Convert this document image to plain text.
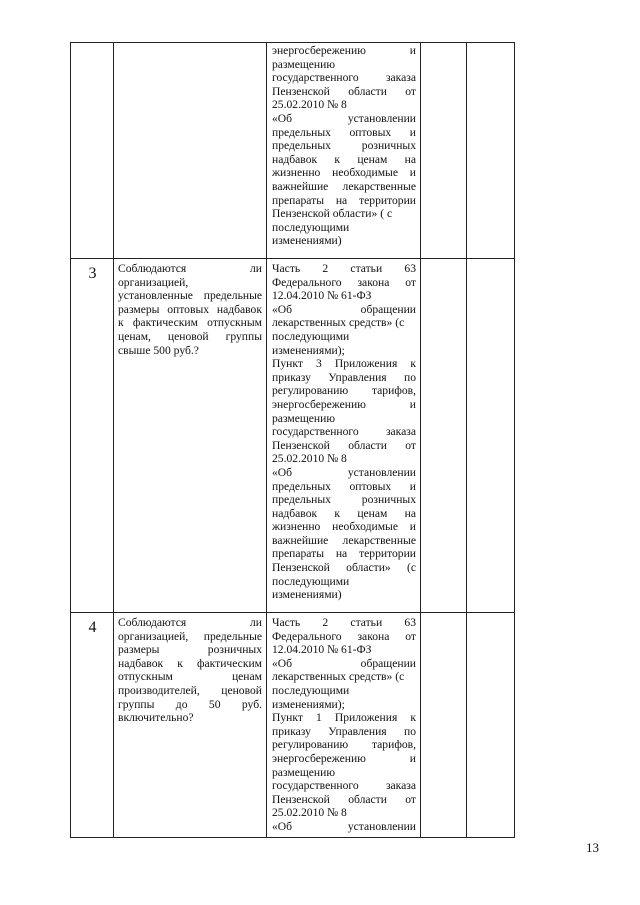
энергосбережению и
размещению
государственного заказа
Пензенской области от
25.02.2010 № 8
«Об установлении
предельных оптовых и
предельных розничных
надбавок к ценам на
жизненно необходимые и
важнейшие лекарственные
препараты на территории
Пензенской области» ( с
последующими
изменениями)
3	Соблюдаются ли
организацией,
установленные предельные
размеры оптовых надбавок
к фактическим отпускным
ценам, ценовой группы
свыше 500 руб.?
Часть 2 статьи 63
Федерального закона от
12.04.2010 № 61-ФЗ
«Об обращении
лекарственных средств» (с
последующими
изменениями);
Пункт 3 Приложения к
приказу Управления по
регулированию тарифов,
энергосбережению и
размещению
государственного заказа
Пензенской области от
25.02.2010 № 8
«Об установлении
предельных оптовых и
предельных розничных
надбавок к ценам на
жизненно необходимые и
важнейшие лекарственные
препараты на территории
Пензенской области» (с
последующими
изменениями)
4	Соблюдаются ли
организацией, предельные
размеры розничных
надбавок к фактическим
отпускным ценам
производителей, ценовой
группы до 50 руб.
включительно?
Часть 2 статьи 63
Федерального закона от
12.04.2010 № 61-ФЗ
«Об обращении
лекарственных средств» (с
последующими
изменениями);
Пункт 1 Приложения к
приказу Управления по
регулированию тарифов,
энергосбережению и
размещению
государственного заказа
Пензенской области от
25.02.2010 № 8
«Об установлении
13
